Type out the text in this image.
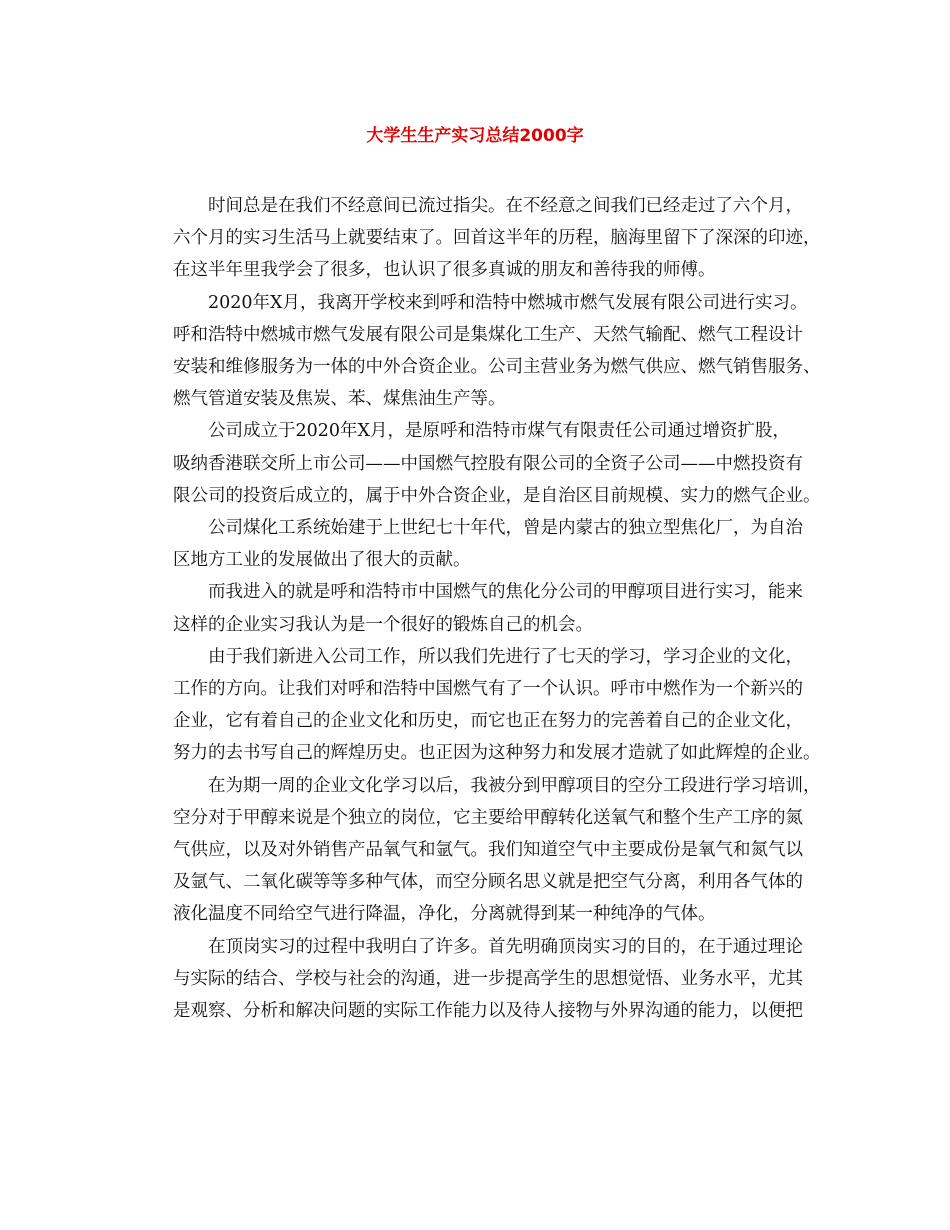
大学生生产实习总结2000字

时间总是在我们不经意间已流过指尖。在不经意之间我们已经走过了六个月，
六个月的实习生活马上就要结束了。回首这半年的历程，脑海里留下了深深的印迹，
在这半年里我学会了很多，也认识了很多真诚的朋友和善待我的师傅。

2020年X月，我离开学校来到呼和浩特中燃城市燃气发展有限公司进行实习。
呼和浩特中燃城市燃气发展有限公司是集煤化工生产、天然气输配、燃气工程设计
安装和维修服务为一体的中外合资企业。公司主营业务为燃气供应、燃气销售服务、
燃气管道安装及焦炭、苯、煤焦油生产等。

公司成立于2020年X月，是原呼和浩特市煤气有限责任公司通过增资扩股，
吸纳香港联交所上市公司——中国燃气控股有限公司的全资子公司——中燃投资有
限公司的投资后成立的，属于中外合资企业，是自治区目前规模、实力的燃气企业。

公司煤化工系统始建于上世纪七十年代，曾是内蒙古的独立型焦化厂，为自治
区地方工业的发展做出了很大的贡献。

而我进入的就是呼和浩特市中国燃气的焦化分公司的甲醇项目进行实习，能来
这样的企业实习我认为是一个很好的锻炼自己的机会。

由于我们新进入公司工作，所以我们先进行了七天的学习，学习企业的文化，
工作的方向。让我们对呼和浩特中国燃气有了一个认识。呼市中燃作为一个新兴的
企业，它有着自己的企业文化和历史，而它也正在努力的完善着自己的企业文化，
努力的去书写自己的辉煌历史。也正因为这种努力和发展才造就了如此辉煌的企业。

在为期一周的企业文化学习以后，我被分到甲醇项目的空分工段进行学习培训，
空分对于甲醇来说是个独立的岗位，它主要给甲醇转化送氧气和整个生产工序的氮
气供应，以及对外销售产品氧气和氩气。我们知道空气中主要成份是氧气和氮气以
及氩气、二氧化碳等等多种气体，而空分顾名思义就是把空气分离，利用各气体的
液化温度不同给空气进行降温，净化，分离就得到某一种纯净的气体。

在顶岗实习的过程中我明白了许多。首先明确顶岗实习的目的，在于通过理论
与实际的结合、学校与社会的沟通，进一步提高学生的思想觉悟、业务水平，尤其
是观察、分析和解决问题的实际工作能力以及待人接物与外界沟通的能力，以便把
